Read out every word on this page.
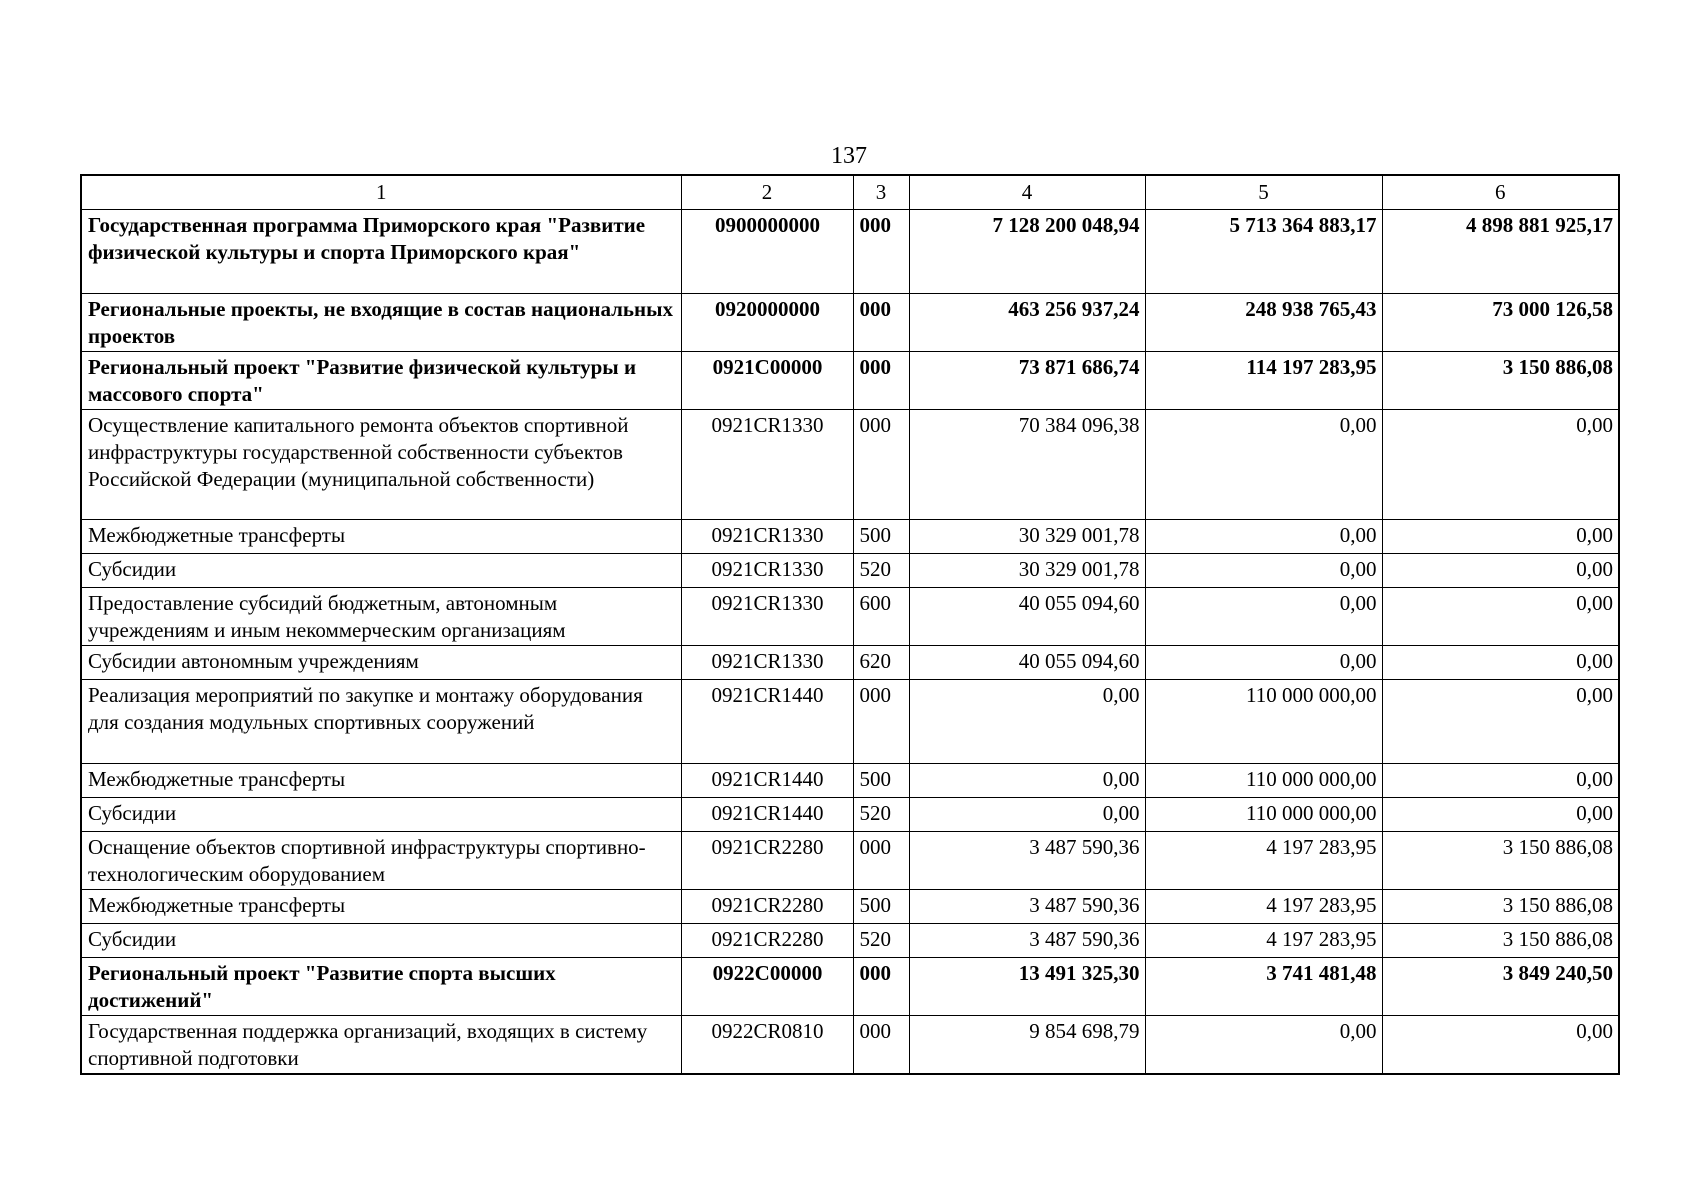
137
1	2	3	4	5	6
Государственная программа Приморского края "Развитие физической культуры и спорта Приморского края"	0900000000	000	7 128 200 048,94	5 713 364 883,17	4 898 881 925,17
Региональные проекты, не входящие в состав национальных проектов	0920000000	000	463 256 937,24	248 938 765,43	73 000 126,58
Региональный проект "Развитие физической культуры и массового спорта"	0921C00000	000	73 871 686,74	114 197 283,95	3 150 886,08
Осуществление капитального ремонта объектов спортивной инфраструктуры государственной собственности субъектов Российской Федерации (муниципальной собственности)	0921CR1330	000	70 384 096,38	0,00	0,00
Межбюджетные трансферты	0921CR1330	500	30 329 001,78	0,00	0,00
Субсидии	0921CR1330	520	30 329 001,78	0,00	0,00
Предоставление субсидий бюджетным, автономным учреждениям и иным некоммерческим организациям	0921CR1330	600	40 055 094,60	0,00	0,00
Субсидии автономным учреждениям	0921CR1330	620	40 055 094,60	0,00	0,00
Реализация мероприятий по закупке и монтажу оборудования для создания модульных спортивных сооружений	0921CR1440	000	0,00	110 000 000,00	0,00
Межбюджетные трансферты	0921CR1440	500	0,00	110 000 000,00	0,00
Субсидии	0921CR1440	520	0,00	110 000 000,00	0,00
Оснащение объектов спортивной инфраструктуры спортивно-технологическим оборудованием	0921CR2280	000	3 487 590,36	4 197 283,95	3 150 886,08
Межбюджетные трансферты	0921CR2280	500	3 487 590,36	4 197 283,95	3 150 886,08
Субсидии	0921CR2280	520	3 487 590,36	4 197 283,95	3 150 886,08
Региональный проект "Развитие спорта высших достижений"	0922C00000	000	13 491 325,30	3 741 481,48	3 849 240,50
Государственная поддержка организаций, входящих в систему спортивной подготовки	0922CR0810	000	9 854 698,79	0,00	0,00
